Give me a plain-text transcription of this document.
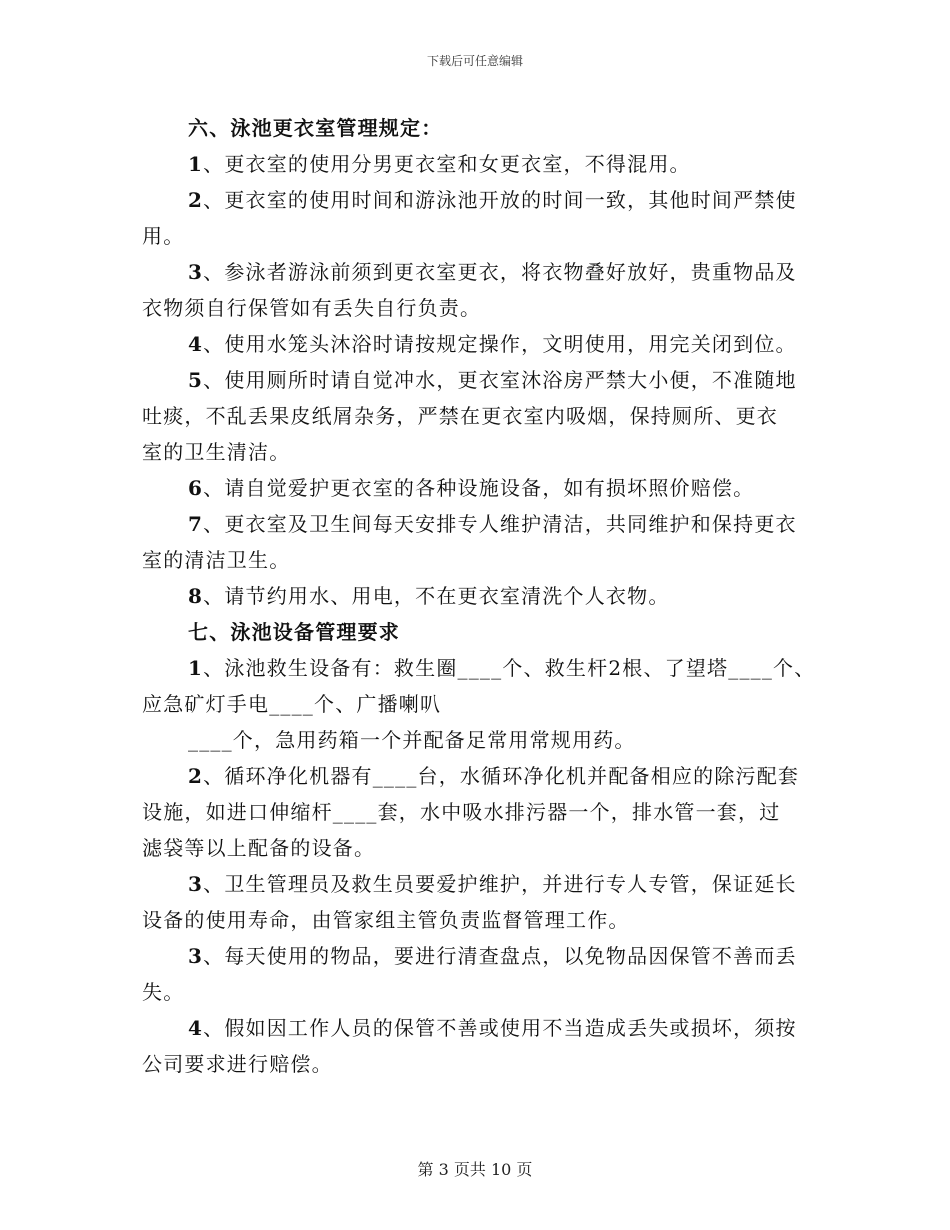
下载后可任意编辑
六、泳池更衣室管理规定：
1、更衣室的使用分男更衣室和女更衣室，不得混用。
2、更衣室的使用时间和游泳池开放的时间一致，其他时间严禁使
用。
3、参泳者游泳前须到更衣室更衣，将衣物叠好放好，贵重物品及
衣物须自行保管如有丢失自行负责。
4、使用水笼头沐浴时请按规定操作，文明使用，用完关闭到位。
5、使用厕所时请自觉冲水，更衣室沐浴房严禁大小便，不准随地
吐痰，不乱丢果皮纸屑杂务，严禁在更衣室内吸烟，保持厕所、更衣
室的卫生清洁。
6、请自觉爱护更衣室的各种设施设备，如有损坏照价赔偿。
7、更衣室及卫生间每天安排专人维护清洁，共同维护和保持更衣
室的清洁卫生。
8、请节约用水、用电，不在更衣室清洗个人衣物。
七、泳池设备管理要求
1、泳池救生设备有：救生圈____个、救生杆2根、了望塔____个、
应急矿灯手电____个、广播喇叭
____个，急用药箱一个并配备足常用常规用药。
2、循环净化机器有____台，水循环净化机并配备相应的除污配套
设施，如进口伸缩杆____套，水中吸水排污器一个，排水管一套，过
滤袋等以上配备的设备。
3、卫生管理员及救生员要爱护维护，并进行专人专管，保证延长
设备的使用寿命，由管家组主管负责监督管理工作。
3、每天使用的物品，要进行清查盘点，以免物品因保管不善而丢
失。
4、假如因工作人员的保管不善或使用不当造成丢失或损坏，须按
公司要求进行赔偿。
第 3 页共 10 页
